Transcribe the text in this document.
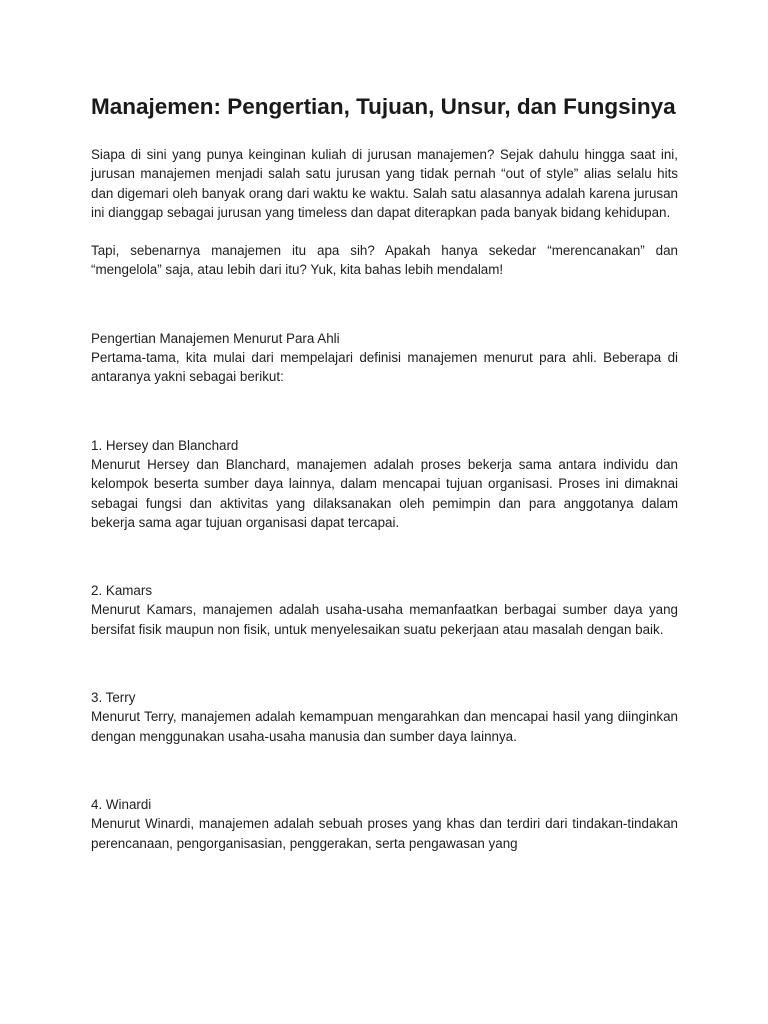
Manajemen: Pengertian, Tujuan, Unsur, dan Fungsinya

Siapa di sini yang punya keinginan kuliah di jurusan manajemen? Sejak dahulu hingga saat ini, jurusan manajemen menjadi salah satu jurusan yang tidak pernah “out of style” alias selalu hits dan digemari oleh banyak orang dari waktu ke waktu. Salah satu alasannya adalah karena jurusan ini dianggap sebagai jurusan yang timeless dan dapat diterapkan pada banyak bidang kehidupan.

Tapi, sebenarnya manajemen itu apa sih? Apakah hanya sekedar “merencanakan” dan “mengelola” saja, atau lebih dari itu? Yuk, kita bahas lebih mendalam!

Pengertian Manajemen Menurut Para Ahli

Pertama-tama, kita mulai dari mempelajari definisi manajemen menurut para ahli. Beberapa di antaranya yakni sebagai berikut:

1. Hersey dan Blanchard

Menurut Hersey dan Blanchard, manajemen adalah proses bekerja sama antara individu dan kelompok beserta sumber daya lainnya, dalam mencapai tujuan organisasi. Proses ini dimaknai sebagai fungsi dan aktivitas yang dilaksanakan oleh pemimpin dan para anggotanya dalam bekerja sama agar tujuan organisasi dapat tercapai.

2. Kamars

Menurut Kamars, manajemen adalah usaha-usaha memanfaatkan berbagai sumber daya yang bersifat fisik maupun non fisik, untuk menyelesaikan suatu pekerjaan atau masalah dengan baik.

3. Terry

Menurut Terry, manajemen adalah kemampuan mengarahkan dan mencapai hasil yang diinginkan dengan menggunakan usaha-usaha manusia dan sumber daya lainnya.

4. Winardi

Menurut Winardi, manajemen adalah sebuah proses yang khas dan terdiri dari tindakan-tindakan perencanaan, pengorganisasian, penggerakan, serta pengawasan yang
